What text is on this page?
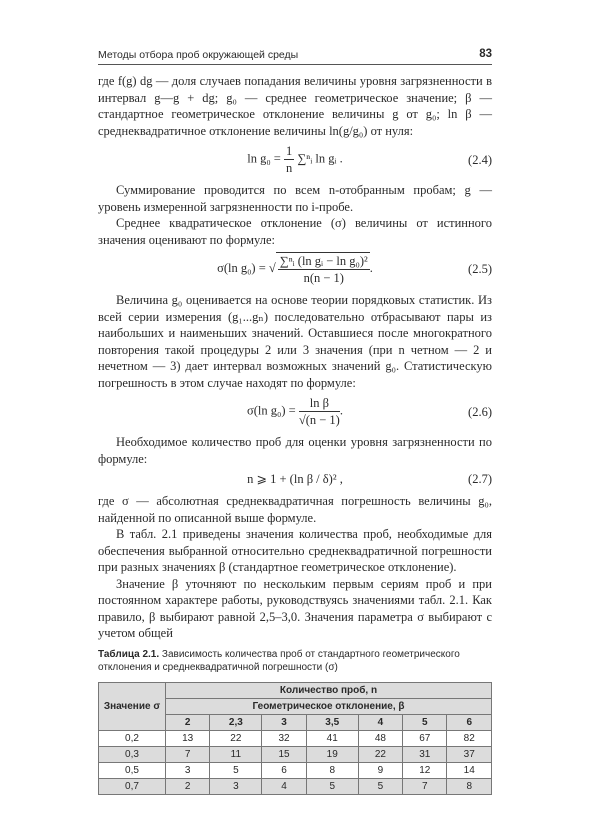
Методы отбора проб окружающей среды	83

где f(g) dg — доля случаев попадания величины уровня загрязненности в интервал g—g + dg; g₀ — среднее геометрическое значение; β — стандартное геометрическое отклонение величины g от g₀; ln β — среднеквадратичное отклонение величины ln(g/g₀) от нуля:

$\ln g_0 = \frac{1}{n}$ ∑ⁿᵢ ln gᵢ .	(2.4)

Суммирование проводится по всем n-отобранным пробам; g — уровень измеренной загрязненности по i-пробе.

Среднее квадратическое отклонение (σ) величины от истинного значения оценивают по формуле:

σ(ln g₀) = √ $\frac{\text{∑ⁿᵢ (ln gᵢ − ln g₀)²}}{n(n - 1)}$ .	(2.5)

Величина g₀ оценивается на основе теории порядковых статистик. Из всей серии измерения (g₁...gₙ) последовательно отбрасывают пары из наибольших и наименьших значений. Оставшиеся после многократного повторения такой процедуры 2 или 3 значения (при n четном — 2 и нечетном — 3) дает интервал возможных значений g₀. Статистическую погрешность в этом случае находят по формуле:

σ(ln $g_0) = \frac{\text{ln β}}{√(n - 1)}$ .	(2.6)

Необходимое количество проб для оценки уровня загрязненности по формуле:

n ⩾ 1 + (ln β / δ)² ,	(2.7)

где σ — абсолютная среднеквадратичная погрешность величины g₀, найденной по описанной выше формуле.

В табл. 2.1 приведены значения количества проб, необходимые для обеспечения выбранной относительно среднеквадратичной погрешности при разных значениях β (стандартное геометрическое отклонение).

Значение β уточняют по нескольким первым сериям проб и при постоянном характере работы, руководствуясь значениями табл. 2.1. Как правило, β выбирают равной 2,5–3,0. Значения параметра σ выбирают с учетом общей

Таблица 2.1. Зависимость количества проб от стандартного геометрического отклонения и среднеквадратичной погрешности (σ)
Значение σ	Количество проб, n						
	Геометрическое отклонение, β						
	2	2,3	3	3,5	4	5	6
0,2	13	22	32	41	48	67	82
0,3	7	11	15	19	22	31	37
0,5	3	5	6	8	9	12	14
0,7	2	3	4	5	5	7	8
